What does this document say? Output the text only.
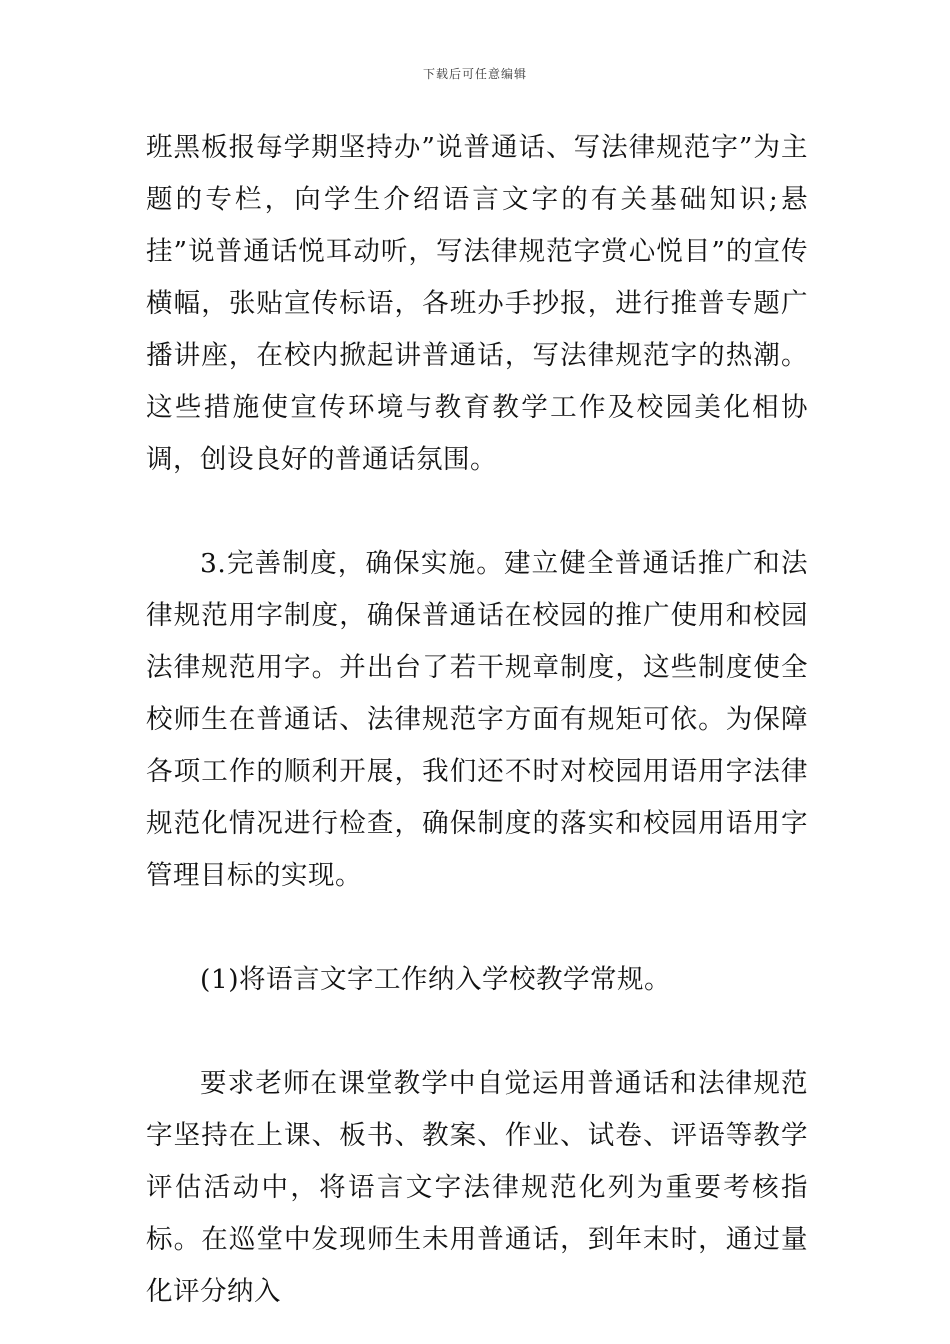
下载后可任意编辑

班黑板报每学期坚持办”说普通话、写法律规范字”为主题的专栏，向学生介绍语言文字的有关基础知识;悬挂”说普通话悦耳动听，写法律规范字赏心悦目”的宣传横幅，张贴宣传标语，各班办手抄报，进行推普专题广播讲座，在校内掀起讲普通话，写法律规范字的热潮。这些措施使宣传环境与教育教学工作及校园美化相协调，创设良好的普通话氛围。

3.完善制度，确保实施。建立健全普通话推广和法律规范用字制度，确保普通话在校园的推广使用和校园法律规范用字。并出台了若干规章制度，这些制度使全校师生在普通话、法律规范字方面有规矩可依。为保障各项工作的顺利开展，我们还不时对校园用语用字法律规范化情况进行检查，确保制度的落实和校园用语用字管理目标的实现。

(1)将语言文字工作纳入学校教学常规。

要求老师在课堂教学中自觉运用普通话和法律规范字坚持在上课、板书、教案、作业、试卷、评语等教学评估活动中，将语言文字法律规范化列为重要考核指标。在巡堂中发现师生未用普通话，到年末时，通过量化评分纳入
